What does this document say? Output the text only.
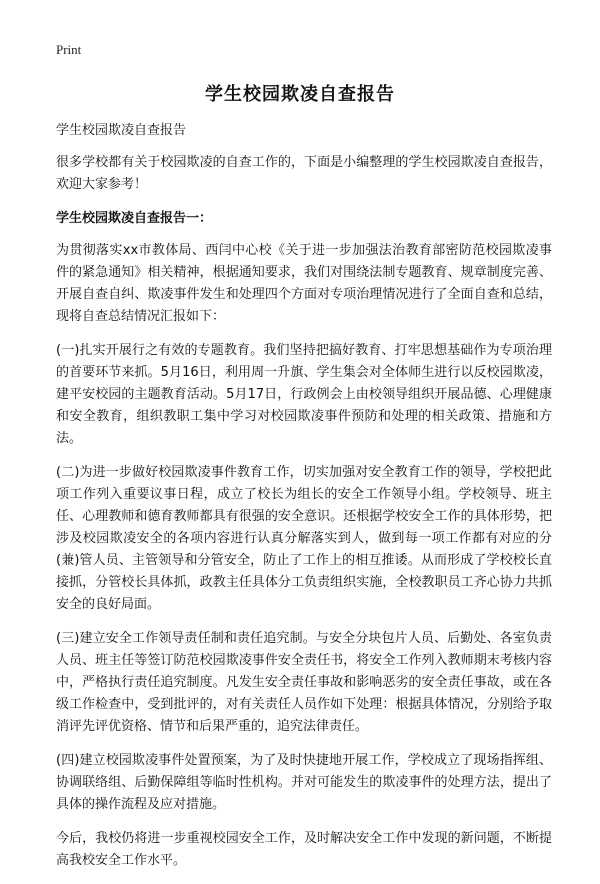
Print
学生校园欺凌自查报告

学生校园欺凌自查报告

很多学校都有关于校园欺凌的自查工作的，下面是小编整理的学生校园欺凌自查报告，欢迎大家参考！

学生校园欺凌自查报告一：

为贯彻落实xx市教体局、西闫中心校《关于进一步加强法治教育部密防范校园欺凌事件的紧急通知》相关精神，根据通知要求，我们对围绕法制专题教育、规章制度完善、开展自查自纠、欺凌事件发生和处理四个方面对专项治理情况进行了全面自查和总结，现将自查总结情况汇报如下：

(一)扎实开展行之有效的专题教育。我们坚持把搞好教育、打牢思想基础作为专项治理的首要环节来抓。5月16日，利用周一升旗、学生集会对全体师生进行以反校园欺凌，建平安校园的主题教育活动。5月17日，行政例会上由校领导组织开展品德、心理健康和安全教育，组织教职工集中学习对校园欺凌事件预防和处理的相关政策、措施和方法。

(二)为进一步做好校园欺凌事件教育工作，切实加强对安全教育工作的领导，学校把此项工作列入重要议事日程，成立了校长为组长的安全工作领导小组。学校领导、班主任、心理教师和德育教师都具有很强的安全意识。还根据学校安全工作的具体形势，把涉及校园欺凌安全的各项内容进行认真分解落实到人，做到每一项工作都有对应的分(兼)管人员、主管领导和分管安全，防止了工作上的相互推诿。从而形成了学校校长直接抓，分管校长具体抓，政教主任具体分工负责组织实施，全校教职员工齐心协力共抓安全的良好局面。

(三)建立安全工作领导责任制和责任追究制。与安全分块包片人员、后勤处、各室负责人员、班主任等签订防范校园欺凌事件安全责任书，将安全工作列入教师期末考核内容中，严格执行责任追究制度。凡发生安全责任事故和影响恶劣的安全责任事故，或在各级工作检查中，受到批评的，对有关责任人员作如下处理：根据具体情况，分别给予取消评先评优资格、情节和后果严重的，追究法律责任。

(四)建立校园欺凌事件处置预案，为了及时快捷地开展工作，学校成立了现场指挥组、协调联络组、后勤保障组等临时性机构。并对可能发生的欺凌事件的处理方法，提出了具体的操作流程及应对措施。

今后，我校仍将进一步重视校园安全工作，及时解决安全工作中发现的新问题，不断提高我校安全工作水平。
